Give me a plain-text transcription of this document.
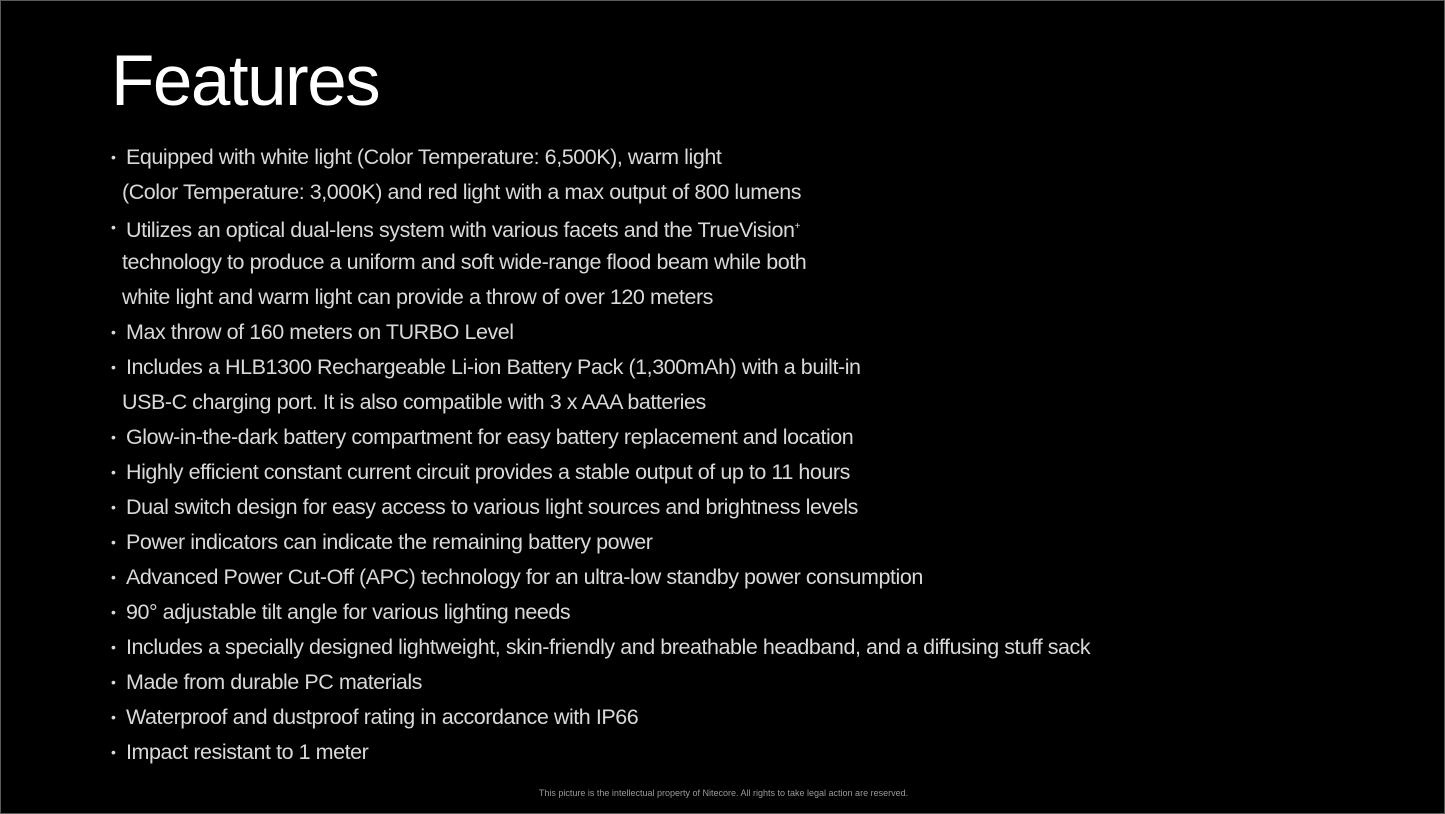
Features
• Equipped with white light (Color Temperature: 6,500K), warm light
(Color Temperature: 3,000K) and red light with a max output of 800 lumens
• Utilizes an optical dual-lens system with various facets and the TrueVision+
technology to produce a uniform and soft wide-range flood beam while both
white light and warm light can provide a throw of over 120 meters
• Max throw of 160 meters on TURBO Level
• Includes a HLB1300 Rechargeable Li-ion Battery Pack (1,300mAh) with a built-in
USB-C charging port. It is also compatible with 3 x AAA batteries
• Glow-in-the-dark battery compartment for easy battery replacement and location
• Highly efficient constant current circuit provides a stable output of up to 11 hours
• Dual switch design for easy access to various light sources and brightness levels
• Power indicators can indicate the remaining battery power
• Advanced Power Cut-Off (APC) technology for an ultra-low standby power consumption
• 90° adjustable tilt angle for various lighting needs
• Includes a specially designed lightweight, skin-friendly and breathable headband, and a diffusing stuff sack
• Made from durable PC materials
• Waterproof and dustproof rating in accordance with IP66
• Impact resistant to 1 meter
This picture is the intellectual property of Nitecore. All rights to take legal action are reserved.
